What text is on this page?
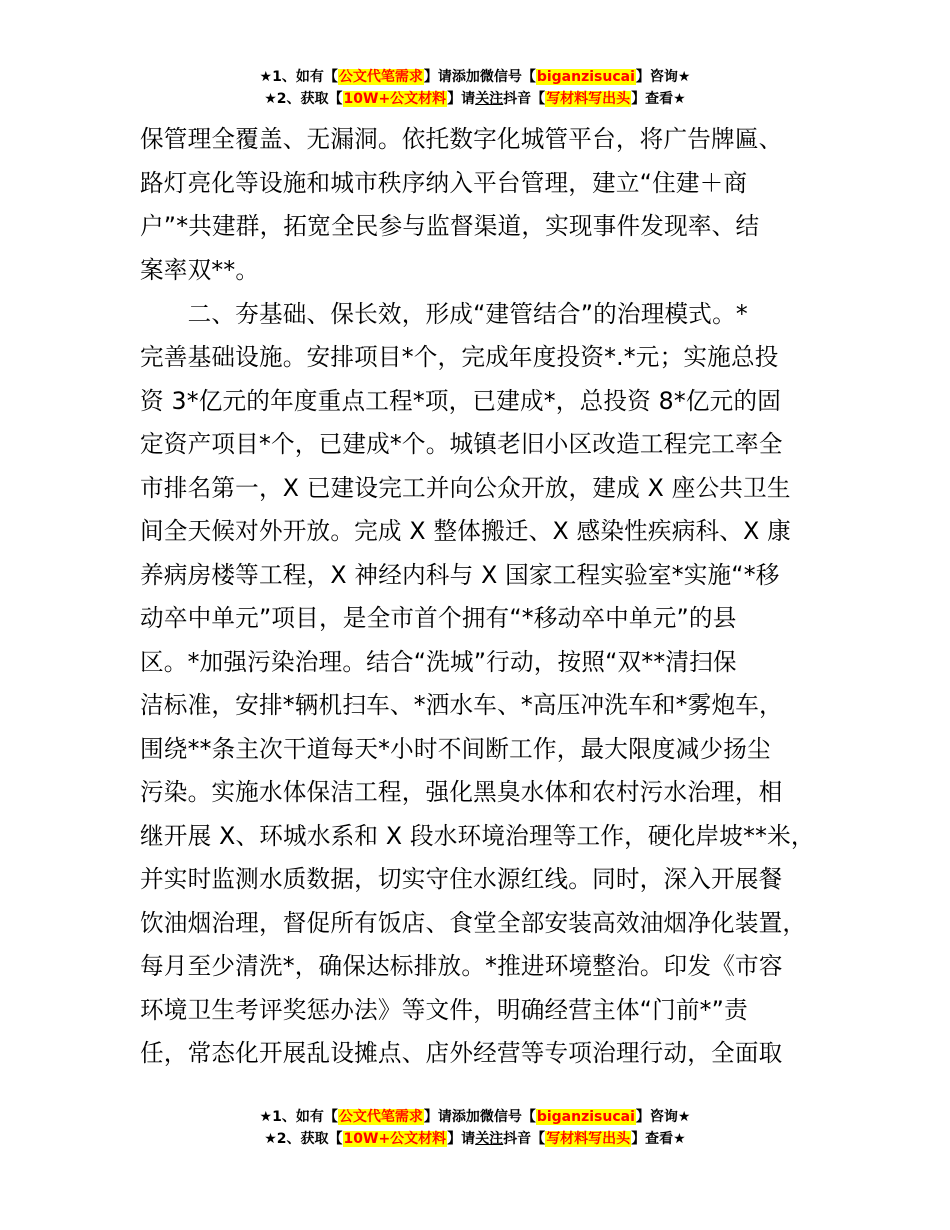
★1、如有【公文代笔需求】请添加微信号【biganzisucai】咨询★
★2、获取【10W+公文材料】请关注抖音【写材料写出头】查看★
保管理全覆盖、无漏洞。依托数字化城管平台，将广告牌匾、
路灯亮化等设施和城市秩序纳入平台管理，建立“住建＋商
户”*共建群，拓宽全民参与监督渠道，实现事件发现率、结
案率双**。
　　二、夯基础、保长效，形成“建管结合”的治理模式。*
完善基础设施。安排项目*个，完成年度投资*.*元；实施总投
资 3*亿元的年度重点工程*项，已建成*，总投资 8*亿元的固
定资产项目*个，已建成*个。城镇老旧小区改造工程完工率全
市排名第一，X 已建设完工并向公众开放，建成 X 座公共卫生
间全天候对外开放。完成 X 整体搬迁、X 感染性疾病科、X 康
养病房楼等工程，X 神经内科与 X 国家工程实验室*实施“*移
动卒中单元”项目，是全市首个拥有“*移动卒中单元”的县
区。*加强污染治理。结合“洗城”行动，按照“双**清扫保
洁标准，安排*辆机扫车、*洒水车、*高压冲洗车和*雾炮车，
围绕**条主次干道每天*小时不间断工作，最大限度减少扬尘
污染。实施水体保洁工程，强化黑臭水体和农村污水治理，相
继开展 X、环城水系和 X 段水环境治理等工作，硬化岸坡**米，
并实时监测水质数据，切实守住水源红线。同时，深入开展餐
饮油烟治理，督促所有饭店、食堂全部安装高效油烟净化装置，
每月至少清洗*，确保达标排放。*推进环境整治。印发《市容
环境卫生考评奖惩办法》等文件，明确经营主体“门前*”责
任，常态化开展乱设摊点、店外经营等专项治理行动，全面取
★1、如有【公文代笔需求】请添加微信号【biganzisucai】咨询★
★2、获取【10W+公文材料】请关注抖音【写材料写出头】查看★
